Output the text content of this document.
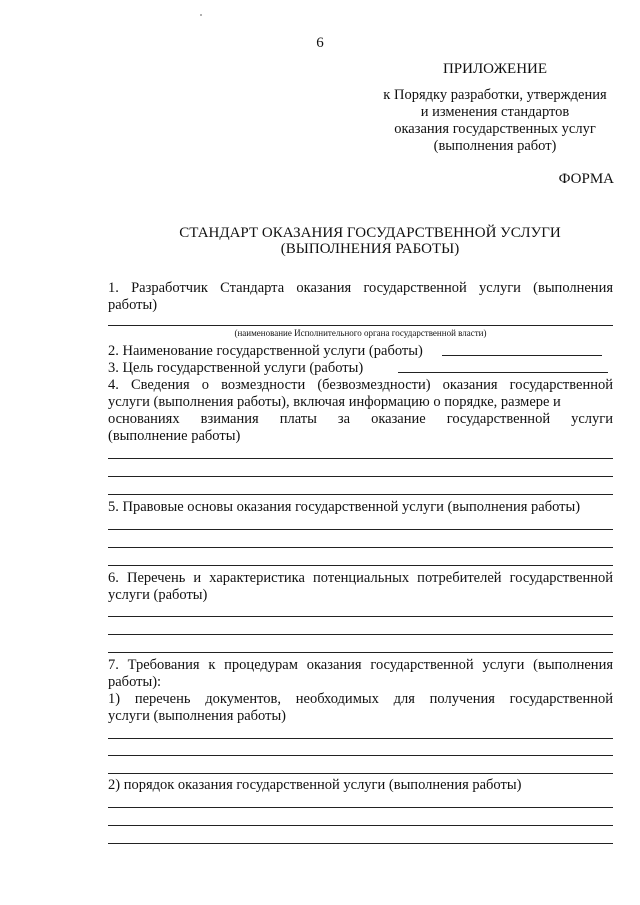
6
ПРИЛОЖЕНИЕ
к Порядку разработки, утверждения
и изменения стандартов
оказания государственных услуг
(выполнения работ)
ФОРМА
СТАНДАРТ ОКАЗАНИЯ ГОСУДАРСТВЕННОЙ УСЛУГИ
(ВЫПОЛНЕНИЯ РАБОТЫ)
1. Разработчик Стандарта оказания государственной услуги (выполнения
работы)
(наименование Исполнительного органа государственной власти)
2. Наименование государственной услуги (работы)
3. Цель государственной услуги (работы)
4. Сведения о возмездности (безвозмездности) оказания государственной
услуги (выполнения работы), включая информацию о порядке, размере и
основаниях взимания платы за оказание государственной услуги
(выполнение работы)
5. Правовые основы оказания государственной услуги (выполнения работы)
6. Перечень и характеристика потенциальных потребителей государственной
услуги (работы)
7. Требования к процедурам оказания государственной услуги (выполнения
работы):
1) перечень документов, необходимых для получения государственной
услуги (выполнения работы)
2) порядок оказания государственной услуги (выполнения работы)
